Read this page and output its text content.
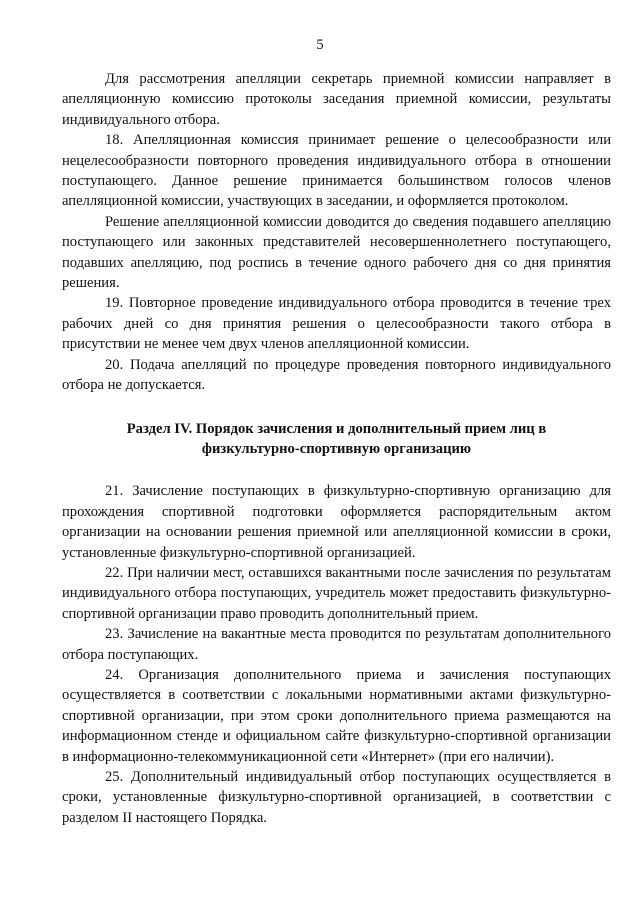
5

Для рассмотрения апелляции секретарь приемной комиссии направляет в апелляционную комиссию протоколы заседания приемной комиссии, результаты индивидуального отбора.

18. Апелляционная комиссия принимает решение о целесообразности или нецелесообразности повторного проведения индивидуального отбора в отношении поступающего. Данное решение принимается большинством голосов членов апелляционной комиссии, участвующих в заседании, и оформляется протоколом.

Решение апелляционной комиссии доводится до сведения подавшего апелляцию поступающего или законных представителей несовершеннолетнего поступающего, подавших апелляцию, под роспись в течение одного рабочего дня со дня принятия решения.

19. Повторное проведение индивидуального отбора проводится в течение трех рабочих дней со дня принятия решения о целесообразности такого отбора в присутствии не менее чем двух членов апелляционной комиссии.

20. Подача апелляций по процедуре проведения повторного индивидуального отбора не допускается.

Раздел IV. Порядок зачисления и дополнительный прием лиц в физкультурно-спортивную организацию

21. Зачисление поступающих в физкультурно-спортивную организацию для прохождения спортивной подготовки оформляется распорядительным актом организации на основании решения приемной или апелляционной комиссии в сроки, установленные физкультурно-спортивной организацией.

22. При наличии мест, оставшихся вакантными после зачисления по результатам индивидуального отбора поступающих, учредитель может предоставить физкультурно-спортивной организации право проводить дополнительный прием.

23. Зачисление на вакантные места проводится по результатам дополнительного отбора поступающих.

24. Организация дополнительного приема и зачисления поступающих осуществляется в соответствии с локальными нормативными актами физкультурно-спортивной организации, при этом сроки дополнительного приема размещаются на информационном стенде и официальном сайте физкультурно-спортивной организации в информационно-телекоммуникационной сети «Интернет» (при его наличии).

25. Дополнительный индивидуальный отбор поступающих осуществляется в сроки, установленные физкультурно-спортивной организацией, в соответствии с разделом II настоящего Порядка.
